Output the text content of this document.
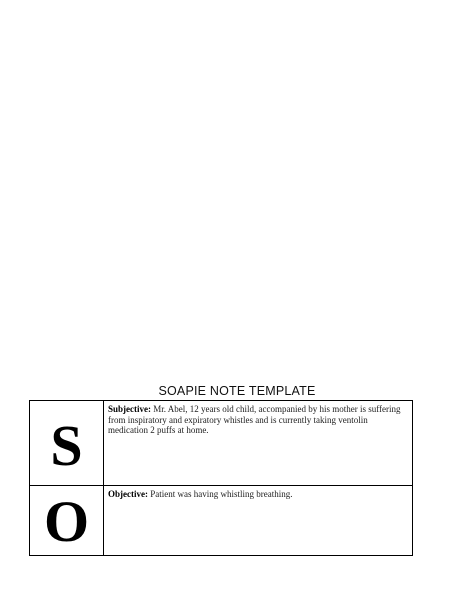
SOAPIE NOTE TEMPLATE
S	Subjective: Mr. Abel, 12 years old child, accompanied by his mother is suffering from inspiratory and expiratory whistles and is currently taking ventolin medication 2 puffs at home.

O	Objective: Patient was having whistling breathing.
